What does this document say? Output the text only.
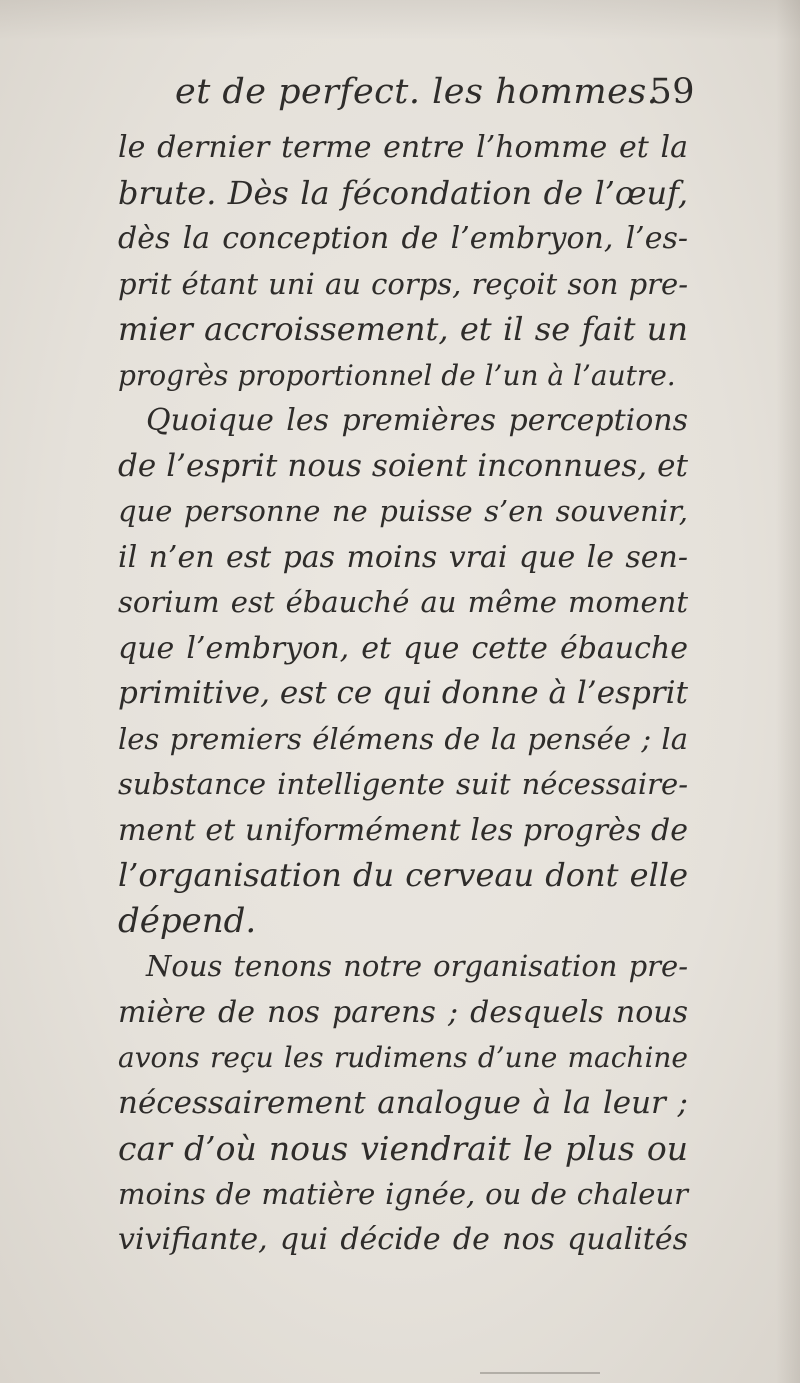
et de perfect. les hommes.
59
le dernier terme entre l’homme et la
brute. Dès la fécondation de l’œuf,
dès la conception de l’embryon, l’es-
prit étant uni au corps, reçoit son pre-
mier accroissement, et il se fait un
progrès proportionnel de l’un à l’autre.
Quoique les premières perceptions
de l’esprit nous soient inconnues, et
que personne ne puisse s’en souvenir,
il n’en est pas moins vrai que le sen-
sorium est ébauché au même moment
que l’embryon, et que cette ébauche
primitive, est ce qui donne à l’esprit
les premiers élémens de la pensée ; la
substance intelligente suit nécessaire-
ment et uniformément les progrès de
l’organisation du cerveau dont elle
dépend.
Nous tenons notre organisation pre-
mière de nos parens ; desquels nous
avons reçu les rudimens d’une machine
nécessairement analogue à la leur ;
car d’où nous viendrait le plus ou
moins de matière ignée, ou de chaleur
vivifiante, qui décide de nos qualités
